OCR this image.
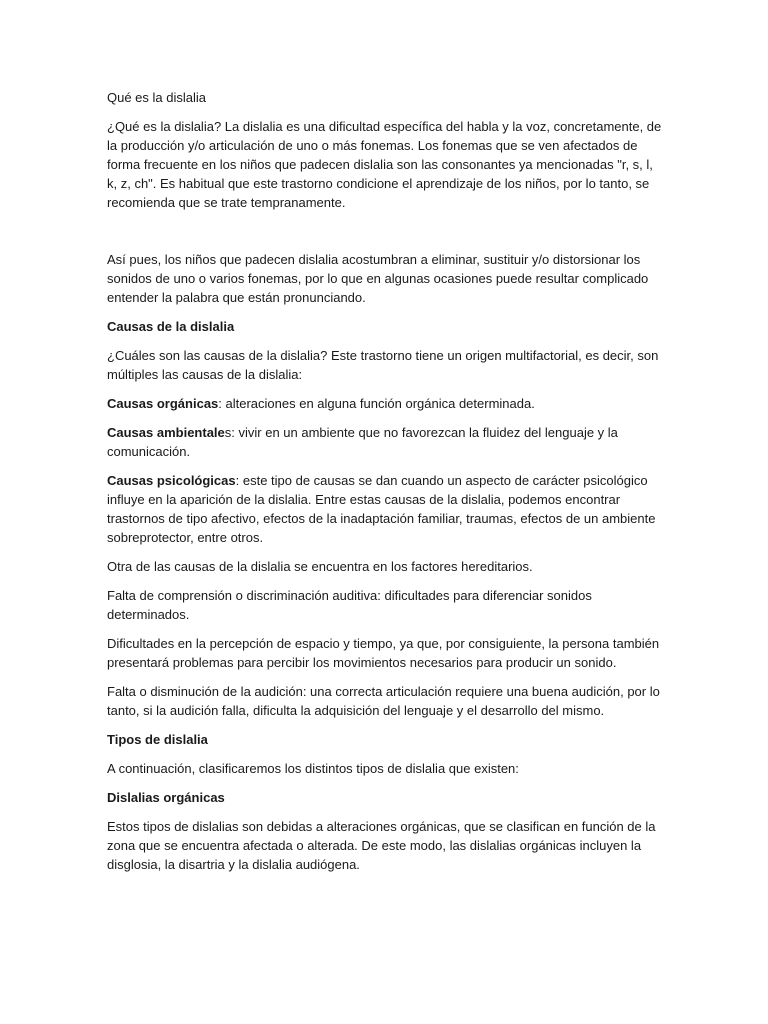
Qué es la dislalia

¿Qué es la dislalia? La dislalia es una dificultad específica del habla y la voz, concretamente, de la producción y/o articulación de uno o más fonemas. Los fonemas que se ven afectados de forma frecuente en los niños que padecen dislalia son las consonantes ya mencionadas "r, s, l, k, z, ch". Es habitual que este trastorno condicione el aprendizaje de los niños, por lo tanto, se recomienda que se trate tempranamente.

Así pues, los niños que padecen dislalia acostumbran a eliminar, sustituir y/o distorsionar los sonidos de uno o varios fonemas, por lo que en algunas ocasiones puede resultar complicado entender la palabra que están pronunciando.

Causas de la dislalia

¿Cuáles son las causas de la dislalia? Este trastorno tiene un origen multifactorial, es decir, son múltiples las causas de la dislalia:

Causas orgánicas: alteraciones en alguna función orgánica determinada.

Causas ambientales: vivir en un ambiente que no favorezcan la fluidez del lenguaje y la comunicación.

Causas psicológicas: este tipo de causas se dan cuando un aspecto de carácter psicológico influye en la aparición de la dislalia. Entre estas causas de la dislalia, podemos encontrar trastornos de tipo afectivo, efectos de la inadaptación familiar, traumas, efectos de un ambiente sobreprotector, entre otros.

Otra de las causas de la dislalia se encuentra en los factores hereditarios.

Falta de comprensión o discriminación auditiva: dificultades para diferenciar sonidos determinados.

Dificultades en la percepción de espacio y tiempo, ya que, por consiguiente, la persona también presentará problemas para percibir los movimientos necesarios para producir un sonido.

Falta o disminución de la audición: una correcta articulación requiere una buena audición, por lo tanto, si la audición falla, dificulta la adquisición del lenguaje y el desarrollo del mismo.

Tipos de dislalia

A continuación, clasificaremos los distintos tipos de dislalia que existen:

Dislalias orgánicas

Estos tipos de dislalias son debidas a alteraciones orgánicas, que se clasifican en función de la zona que se encuentra afectada o alterada. De este modo, las dislalias orgánicas incluyen la disglosia, la disartria y la dislalia audiógena.
